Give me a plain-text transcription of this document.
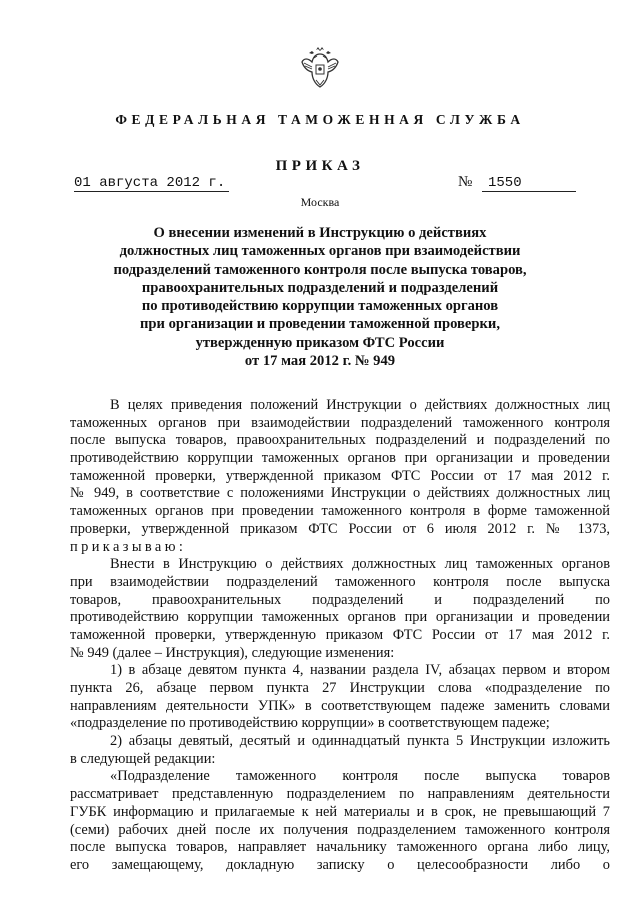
ФЕДЕРАЛЬНАЯ ТАМОЖЕННАЯ СЛУЖБА
ПРИКАЗ
01 августа 2012 г.	№	1550
Москва
О внесении изменений в Инструкцию о действиях
должностных лиц таможенных органов при взаимодействии
подразделений таможенного контроля после выпуска товаров,
правоохранительных подразделений и подразделений
по противодействию коррупции таможенных органов
при организации и проведении таможенной проверки,
утвержденную приказом ФТС России
от 17 мая 2012 г. № 949
В целях приведения положений Инструкции о действиях должностных лиц
таможенных органов при взаимодействии подразделений таможенного контроля
после выпуска товаров, правоохранительных подразделений и подразделений по
противодействию коррупции таможенных органов при организации и проведении
таможенной проверки, утвержденной приказом ФТС России от 17 мая 2012 г.
№ 949, в соответствие с положениями Инструкции о действиях должностных лиц
таможенных органов при проведении таможенного контроля в форме таможенной
проверки, утвержденной приказом ФТС России от 6 июля 2012 г. № 1373,
приказываю:
Внести в Инструкцию о действиях должностных лиц таможенных органов
при взаимодействии подразделений таможенного контроля после выпуска
товаров, правоохранительных подразделений и подразделений по
противодействию коррупции таможенных органов при организации и проведении
таможенной проверки, утвержденную приказом ФТС России от 17 мая 2012 г.
№ 949 (далее – Инструкция), следующие изменения:
1) в абзаце девятом пункта 4, названии раздела IV, абзацах первом и втором
пункта 26, абзаце первом пункта 27 Инструкции слова «подразделение по
направлениям деятельности УПК» в соответствующем падеже заменить словами
«подразделение по противодействию коррупции» в соответствующем падеже;
2) абзацы девятый, десятый и одиннадцатый пункта 5 Инструкции изложить
в следующей редакции:
«Подразделение таможенного контроля после выпуска товаров
рассматривает представленную подразделением по направлениям деятельности
ГУБК информацию и прилагаемые к ней материалы и в срок, не превышающий 7
(семи) рабочих дней после их получения подразделением таможенного контроля
после выпуска товаров, направляет начальнику таможенного органа либо лицу,
его замещающему, докладную записку о целесообразности либо о
